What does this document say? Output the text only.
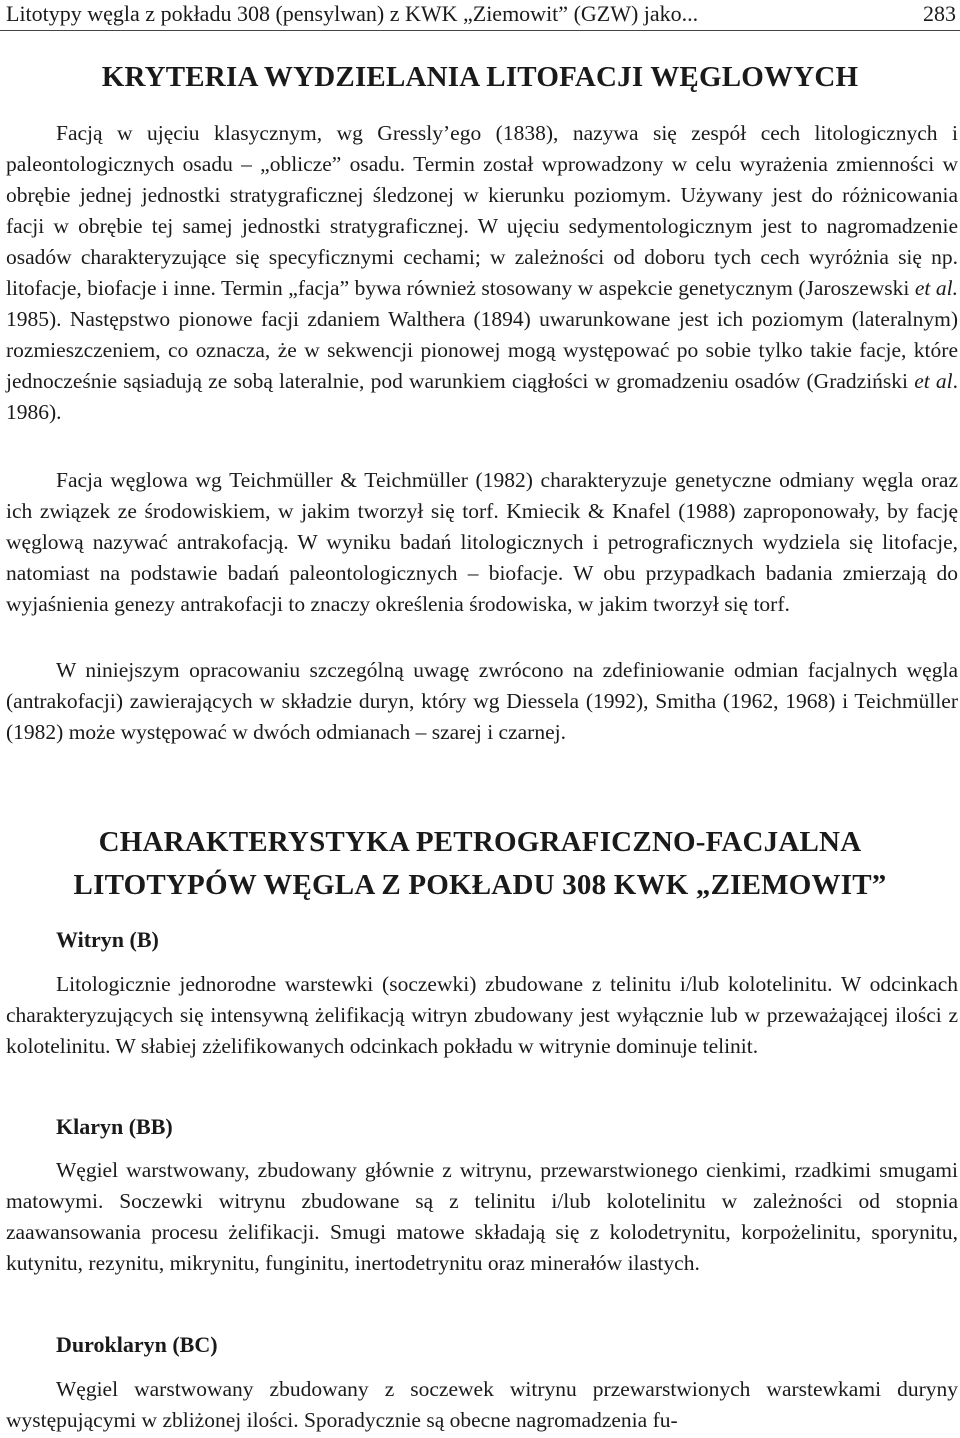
Litotypy węgla z pokładu 308 (pensylwan) z KWK „Ziemowit” (GZW) jako...	283
KRYTERIA WYDZIELANIA LITOFACJI WĘGLOWYCH

Facją w ujęciu klasycznym, wg Gressly’ego (1838), nazywa się zespół cech litologicznych i paleontologicznych osadu – „oblicze” osadu. Termin został wprowadzony w celu wyrażenia zmienności w obrębie jednej jednostki stratygraficznej śledzonej w kierunku poziomym. Używany jest do różnicowania facji w obrębie tej samej jednostki stratygraficznej. W ujęciu sedymentologicznym jest to nagromadzenie osadów charakteryzujące się specyficznymi cechami; w zależności od doboru tych cech wyróżnia się np. litofacje, biofacje i inne. Termin „facja” bywa również stosowany w aspekcie genetycznym (Jaroszewski et al. 1985). Następstwo pionowe facji zdaniem Walthera (1894) uwarunkowane jest ich poziomym (lateralnym) rozmieszczeniem, co oznacza, że w sekwencji pionowej mogą występować po sobie tylko takie facje, które jednocześnie sąsiadują ze sobą lateralnie, pod warunkiem ciągłości w gromadzeniu osadów (Gradziński et al. 1986).

Facja węglowa wg Teichmüller & Teichmüller (1982) charakteryzuje genetyczne odmiany węgla oraz ich związek ze środowiskiem, w jakim tworzył się torf. Kmiecik & Knafel (1988) zaproponowały, by fację węglową nazywać antrakofacją. W wyniku badań litologicznych i petrograficznych wydziela się litofacje, natomiast na podstawie badań paleontologicznych – biofacje. W obu przypadkach badania zmierzają do wyjaśnienia genezy antrakofacji to znaczy określenia środowiska, w jakim tworzył się torf.

W niniejszym opracowaniu szczególną uwagę zwrócono na zdefiniowanie odmian facjalnych węgla (antrakofacji) zawierających w składzie duryn, który wg Diessela (1992), Smitha (1962, 1968) i Teichmüller (1982) może występować w dwóch odmianach – szarej i czarnej.

CHARAKTERYSTYKA PETROGRAFICZNO-FACJALNA
LITOTYPÓW WĘGLA Z POKŁADU 308 KWK „ZIEMOWIT”
Witryn (B)

Litologicznie jednorodne warstewki (soczewki) zbudowane z telinitu i/lub kolotelinitu. W odcinkach charakteryzujących się intensywną żelifikacją witryn zbudowany jest wyłącznie lub w przeważającej ilości z kolotelinitu. W słabiej zżelifikowanych odcinkach pokładu w witrynie dominuje telinit.

Klaryn (BB)

Węgiel warstwowany, zbudowany głównie z witrynu, przewarstwionego cienkimi, rzadkimi smugami matowymi. Soczewki witrynu zbudowane są z telinitu i/lub kolotelinitu w zależności od stopnia zaawansowania procesu żelifikacji. Smugi matowe składają się z kolodetrynitu, korpożelinitu, sporynitu, kutynitu, rezynitu, mikrynitu, funginitu, inertodetrynitu oraz minerałów ilastych.

Duroklaryn (BC)

Węgiel warstwowany zbudowany z soczewek witrynu przewarstwionych warstewkami duryny występującymi w zbliżonej ilości. Sporadycznie są obecne nagromadzenia fu-
